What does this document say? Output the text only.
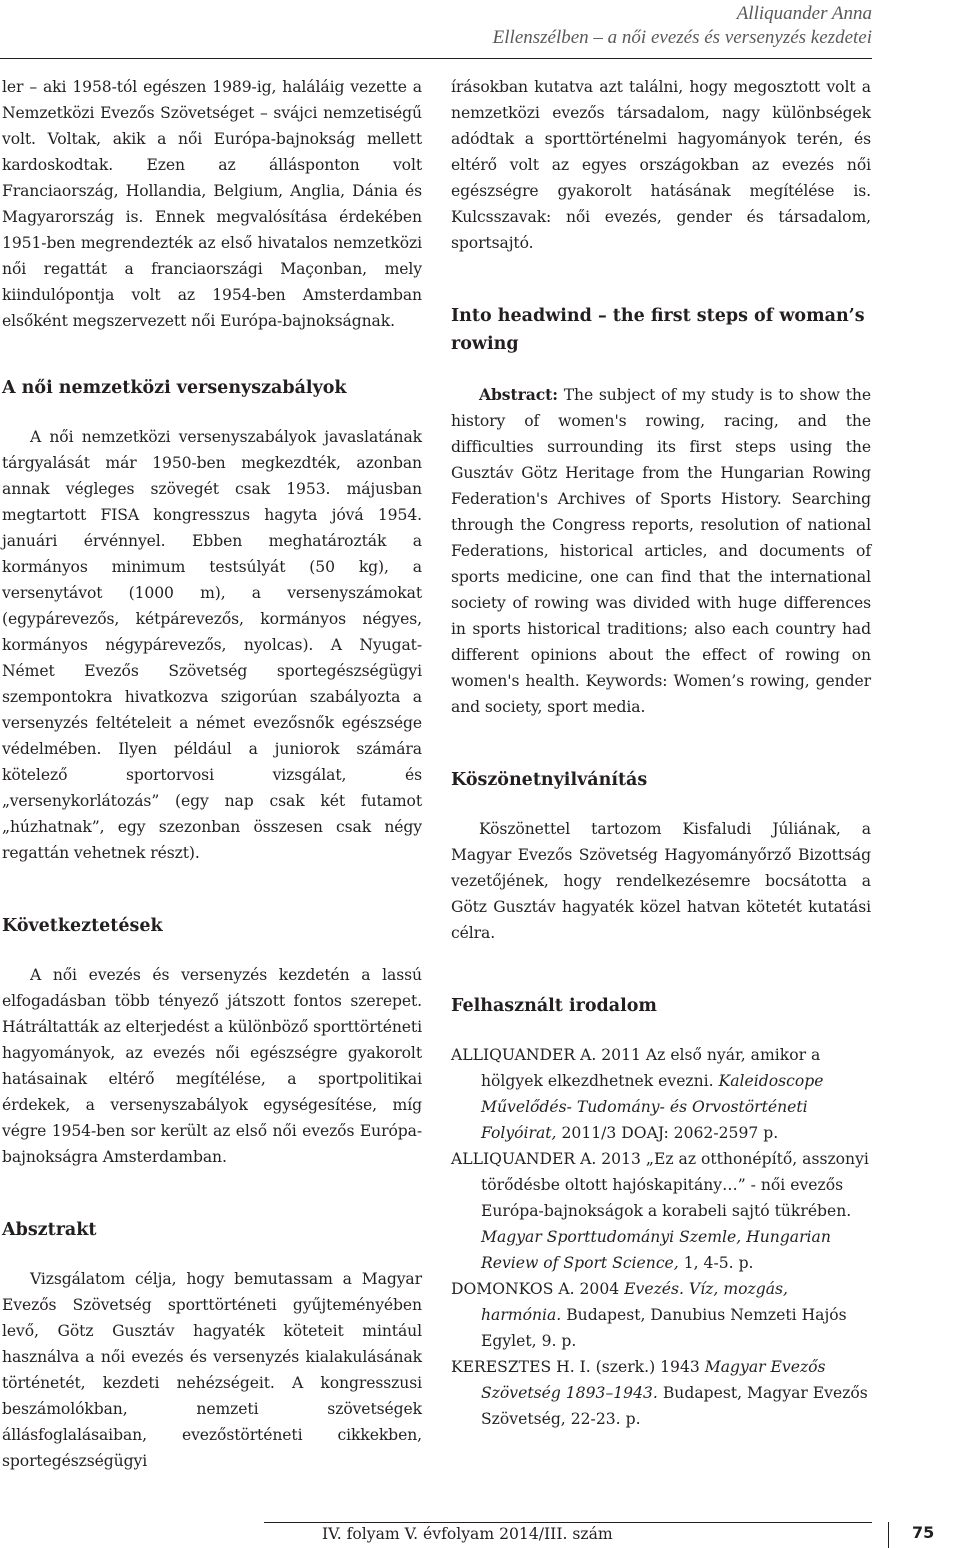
Alliquander Anna
Ellenszélben – a női evezés és versenyzés kezdetei

ler – aki 1958-tól egészen 1989-ig, haláláig vezette a Nemzetközi Evezős Szövetséget – svájci nemzetiségű volt. Voltak, akik a női Európa-bajnokság mellett kardoskodtak. Ezen az állásponton volt Franciaország, Hollandia, Belgium, Anglia, Dánia és Magyarország is. Ennek megvalósítása érdekében 1951-ben megrendezték az első hivatalos nemzetközi női regattát a franciaországi Maçonban, mely kiindulópontja volt az 1954-ben Amsterdamban elsőként megszervezett női Európa-bajnokságnak.

A női nemzetközi versenyszabályok

A női nemzetközi versenyszabályok javaslatának tárgyalását már 1950-ben megkezdték, azonban annak végleges szövegét csak 1953. májusban megtartott FISA kongresszus hagyta jóvá 1954. januári érvénnyel. Ebben meghatározták a kormányos minimum testsúlyát (50 kg), a versenytávot (1000 m), a versenyszámokat (egypárevezős, kétpárevezős, kormányos négyes, kormányos négypárevezős, nyolcas). A Nyugat-Német Evezős Szövetség sportegészségügyi szempontokra hivatkozva szigorúan szabályozta a versenyzés feltételeit a német evezősnők egészsége védelmében. Ilyen például a juniorok számára kötelező sportorvosi vizsgálat, és „versenykorlátozás” (egy nap csak két futamot „húzhatnak”, egy szezonban összesen csak négy regattán vehetnek részt).

Következtetések

A női evezés és versenyzés kezdetén a lassú elfogadásban több tényező játszott fontos szerepet. Hátráltatták az elterjedést a különböző sporttörténeti hagyományok, az evezés női egészségre gyakorolt hatásainak eltérő megítélése, a sportpolitikai érdekek, a versenyszabályok egységesítése, míg végre 1954-ben sor került az első női evezős Európa-bajnokságra Amsterdamban.

Absztrakt

Vizsgálatom célja, hogy bemutassam a Magyar Evezős Szövetség sporttörténeti gyűjteményében levő, Götz Gusztáv hagyaték köteteit mintául használva a női evezés és versenyzés kialakulásának történetét, kezdeti nehézségeit. A kongresszusi beszámolókban, nemzeti szövetségek állásfoglalásaiban, evezőstörténeti cikkekben, sportegészségügyi

írásokban kutatva azt találni, hogy megosztott volt a nemzetközi evezős társadalom, nagy különbségek adódtak a sporttörténelmi hagyományok terén, és eltérő volt az egyes országokban az evezés női egészségre gyakorolt hatásának megítélése is. Kulcsszavak: női evezés, gender és társadalom, sportsajtó.

Into headwind – the first steps of woman’s rowing

Abstract: The subject of my study is to show the history of women's rowing, racing, and the difficulties surrounding its first steps using the Gusztáv Götz Heritage from the Hungarian Rowing Federation's Archives of Sports History. Searching through the Congress reports, resolution of national Federations, historical articles, and documents of sports medicine, one can find that the international society of rowing was divided with huge differences in sports historical traditions; also each country had different opinions about the effect of rowing on women's health. Keywords: Women’s rowing, gender and society, sport media.

Köszönetnyilvánítás

Köszönettel tartozom Kisfaludi Júliának, a Magyar Evezős Szövetség Hagyományőrző Bizottság vezetőjének, hogy rendelkezésemre bocsátotta a Götz Gusztáv hagyaték közel hatvan kötetét kutatási célra.

Felhasznált irodalom
ALLIQUANDER A. 2011 Az első nyár, amikor a hölgyek elkezdhetnek evezni. Kaleidoscope Művelődés- Tudomány- és Orvostörténeti Folyóirat, 2011/3 DOAJ: 2062-2597 p.
ALLIQUANDER A. 2013 „Ez az otthonépítő, asszonyi törődésbe oltott hajóskapitány…” - női evezős Európa-bajnokságok a korabeli sajtó tükrében. Magyar Sporttudományi Szemle, Hungarian Review of Sport Science, 1, 4-5. p.
DOMONKOS A. 2004 Evezés. Víz, mozgás, harmónia. Budapest, Danubius Nemzeti Hajós Egylet, 9. p.
KERESZTES H. I. (szerk.) 1943 Magyar Evezős Szövetség 1893–1943. Budapest, Magyar Evezős Szövetség, 22-23. p.
IV. folyam V. évfolyam 2014/III. szám	75
